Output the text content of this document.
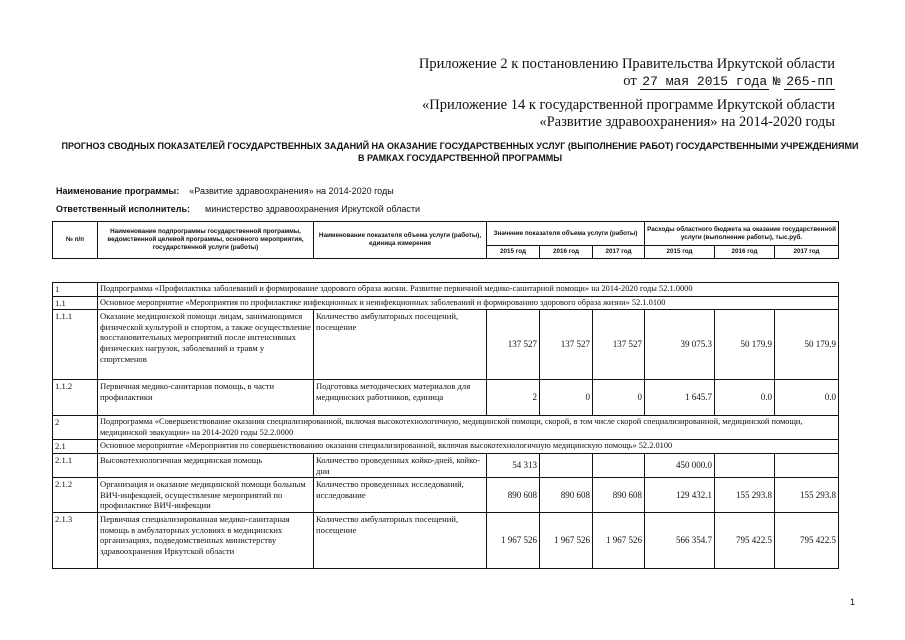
Приложение 2 к постановлению Правительства Иркутской области
от 27 мая 2015 года № 265-пп
«Приложение 14 к государственной программе Иркутской области
«Развитие здравоохранения» на 2014-2020 годы
ПРОГНОЗ СВОДНЫХ ПОКАЗАТЕЛЕЙ ГОСУДАРСТВЕННЫХ ЗАДАНИЙ НА ОКАЗАНИЕ ГОСУДАРСТВЕННЫХ УСЛУГ (ВЫПОЛНЕНИЕ РАБОТ) ГОСУДАРСТВЕННЫМИ УЧРЕЖДЕНИЯМИ
В РАМКАХ ГОСУДАРСТВЕННОЙ ПРОГРАММЫ
Наименование программы: «Развитие здравоохранения» на 2014-2020 годы
Ответственный исполнитель: министерство здравоохранения Иркутской области
№ п/п	Наименование подпрограммы государственной программы, ведомственной целевой программы, основного мероприятия, государственной услуги (работы)	Наименование показателя объема услуги (работы), единица измерения	Значение показателя объема услуги (работы)			Расходы областного бюджета на оказание государственной услуги (выполнение работы), тыс.руб.		
			2015 год	2016 год	2017 год	2015 год	2016 год	2017 год

1	Подпрограмма «Профилактика заболеваний и формирование здорового образа жизни. Развитие первичной медико-санитарной помощи» на 2014-2020 годы 52.1.0000							
1.1	Основное мероприятие «Мероприятия по профилактике инфекционных и неинфекционных заболеваний и формированию здорового образа жизни» 52.1.0100							
1.1.1	Оказание медицинской помощи лицам, занимающимся физической культурой и спортом, а также осуществление восстановительных мероприятий после интенсивных физических нагрузок, заболеваний и травм у спортсменов	Количество амбулаторных посещений, посещение	137 527	137 527	137 527	39 075.3	50 179.9	50 179.9
1.1.2	Первичная медико-санитарная помощь, в части профилактики	Подготовка методических материалов для медицинских работников, единица	2	0	0	1 645.7	0.0	0.0
2	Подпрограмма «Совершенствование оказания специализированной, включая высокотехнологичную, медицинской помощи, скорой, в том числе скорой специализированной, медицинской помощи, медицинской эвакуации» на 2014-2020 годы 52.2.0000							
2.1	Основное мероприятие «Мероприятия по совершенствованию оказания специализированной, включая высокотехнологичную медицинскую помощь» 52.2.0100							
2.1.1	Высокотехнологичная медицинская помощь	Количество проведенных койко-дней, койко-дни	54 313			450 000.0		
2.1.2	Организация и оказание медицинской помощи больным ВИЧ-инфекцией, осуществление мероприятий по профилактике ВИЧ-инфекции	Количество проведенных исследований, исследование	890 608	890 608	890 608	129 432.1	155 293.8	155 293.8
2.1.3	Первичная специализированная медико-санитарная помощь в амбулаторных условиях в медицинских организациях, подведомственных министерству здравоохранения Иркутской области	Количество амбулаторных посещений, посещение	1 967 526	1 967 526	1 967 526	566 354.7	795 422.5	795 422.5
1
